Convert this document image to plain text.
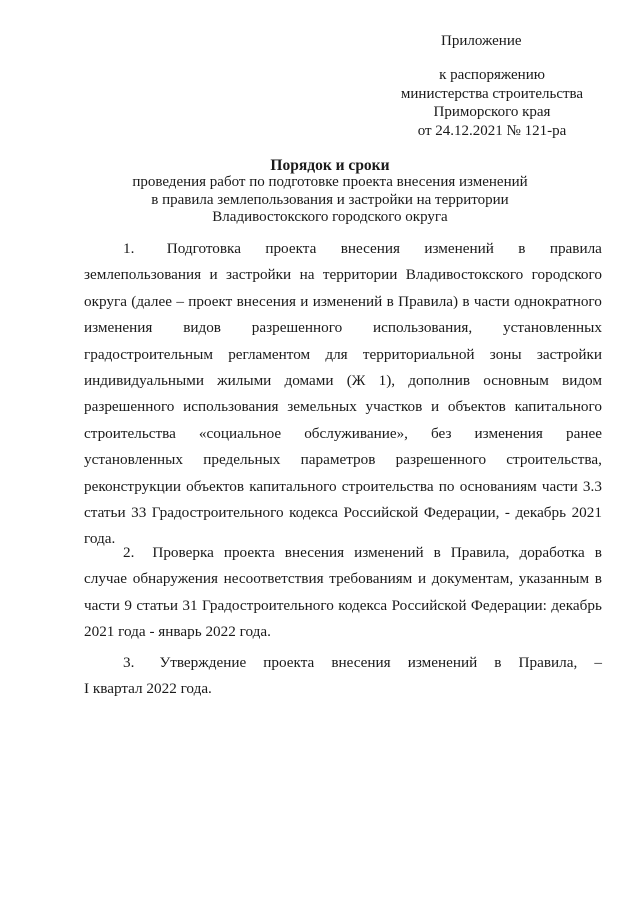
Приложение
к распоряжению
министерства строительства
Приморского края
от 24.12.2021 № 121-ра
Порядок и сроки
проведения работ по подготовке проекта внесения изменений
в правила землепользования и застройки на территории
Владивостокского городского округа
1. Подготовка проекта внесения изменений в правила
землепользования и застройки на территории Владивостокского городского
округа (далее – проект внесения и изменений в Правила) в части однократного
изменения видов разрешенного использования, установленных
градостроительным регламентом для территориальной зоны застройки
индивидуальными жилыми домами (Ж 1), дополнив основным видом
разрешенного использования земельных участков и объектов капитального
строительства «социальное обслуживание», без изменения ранее
установленных предельных параметров разрешенного строительства,
реконструкции объектов капитального строительства по основаниям части 3.3
статьи 33 Градостроительного кодекса Российской Федерации, - декабрь 2021
года.
2. Проверка проекта внесения изменений в Правила, доработка в
случае обнаружения несоответствия требованиям и документам, указанным в
части 9 статьи 31 Градостроительного кодекса Российской Федерации: декабрь
2021 года - январь 2022 года.
3. Утверждение проекта внесения изменений в Правила, –
I квартал 2022 года.
